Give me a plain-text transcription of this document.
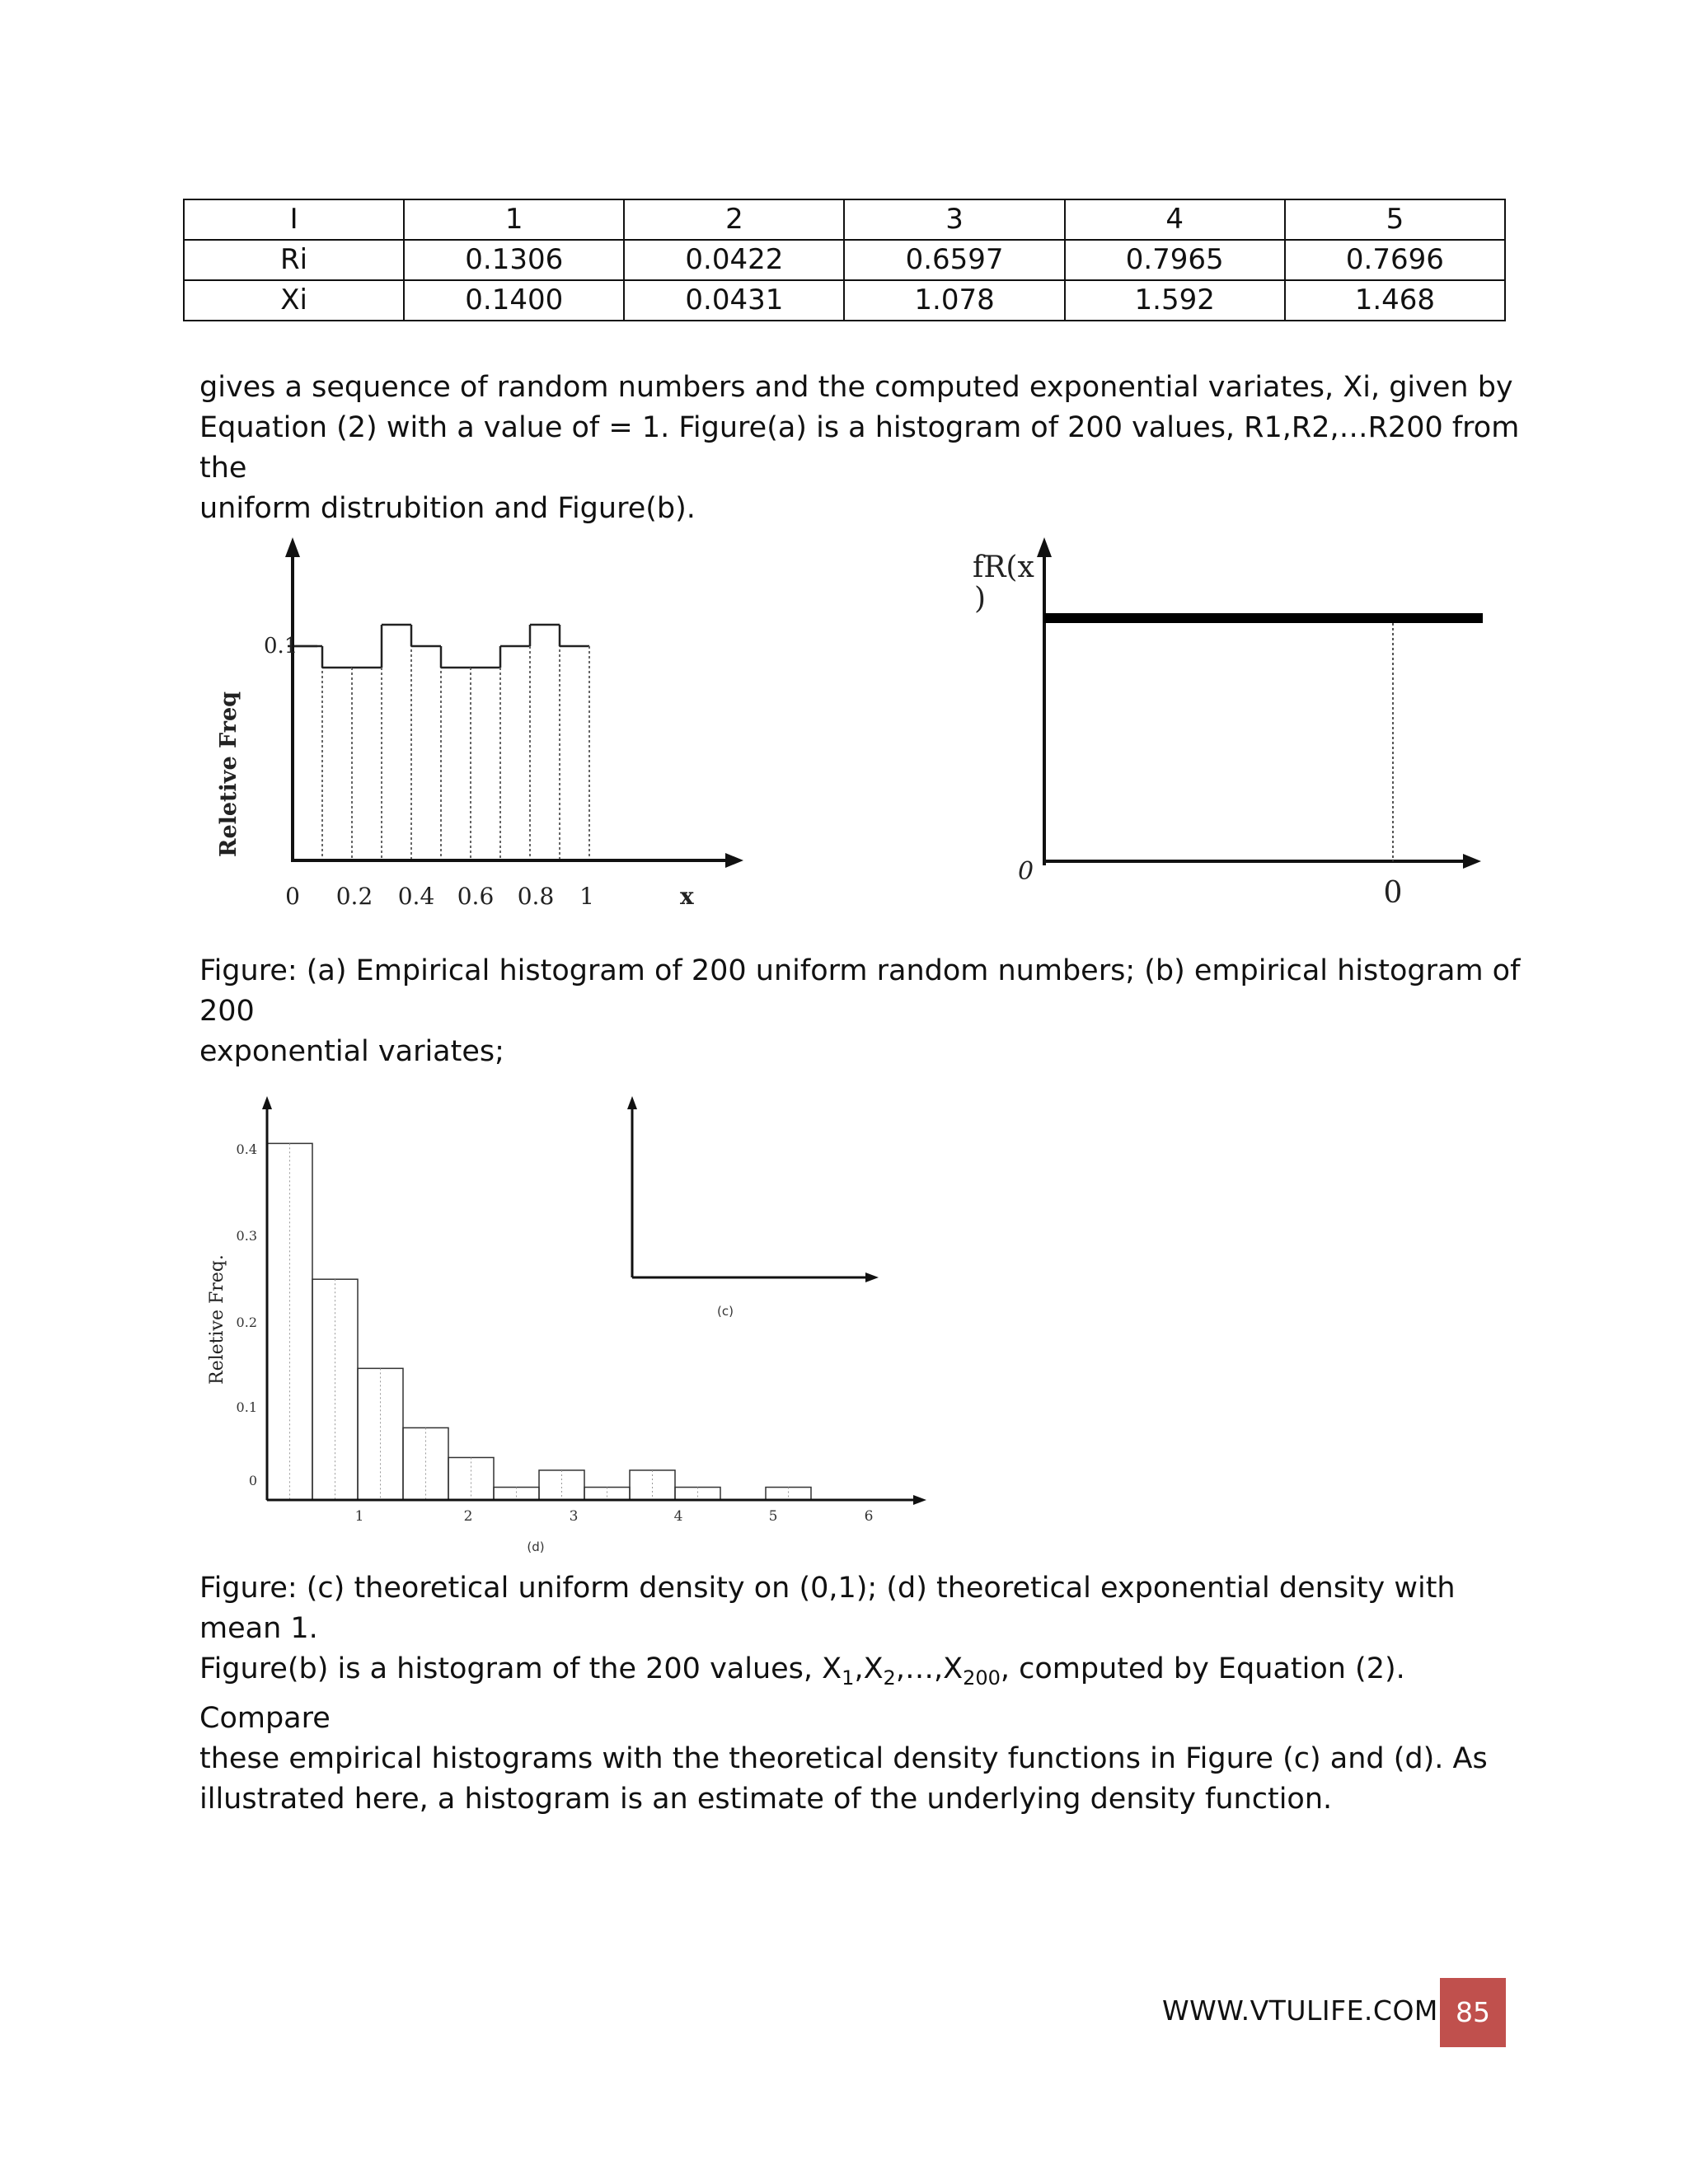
I	1	2	3	4	5
Ri	0.1306	0.0422	0.6597	0.7965	0.7696
Xi	0.1400	0.0431	1.078	1.592	1.468

gives a sequence of random numbers and the computed exponential variates, Xi, given by

Equation (2) with a value of = 1. Figure(a) is a histogram of 200 values, R1,R2,…R200 from the

uniform distrubition and Figure(b).

0.1
Reletive Freq
0 0.2 0.4 0.6 0.8 1	x
fR(x
)
0
0

Figure: (a) Empirical histogram of 200 uniform random numbers; (b) empirical histogram of 200

exponential variates;

0.4
0.3
0.2
0.1
0
1	2	3	4	5	6
Reletive Freq.
(d)
(c)

Figure: (c) theoretical uniform density on (0,1); (d) theoretical exponential density with mean 1.

Figure(b) is a histogram of the 200 values, $X_1,X_2,\dots,X_{200}$, computed by Equation (2). Compare

these empirical histograms with the theoretical density functions in Figure (c) and (d). As

illustrated here, a histogram is an estimate of the underlying density function.

WWW.VTULIFE.COM 85
